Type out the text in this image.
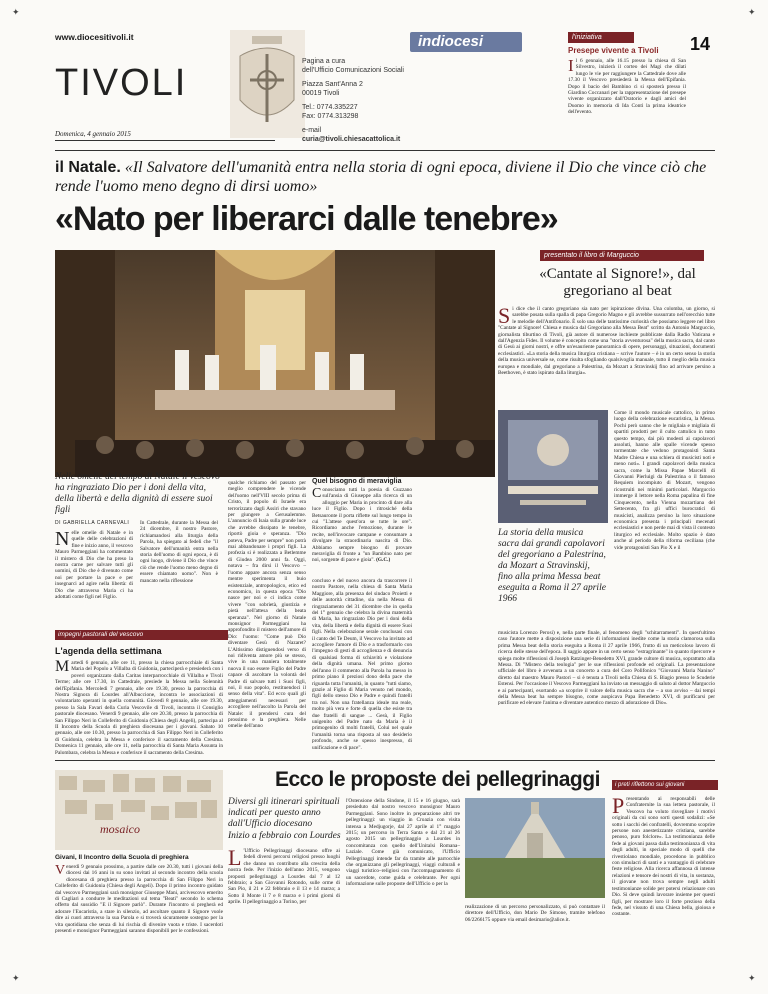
✦	✦
✦	✦
www.diocesitivoli.it
TIVOLI
Domenica, 4 gennaio 2015
Pagina a cura
dell'Ufficio Comunicazioni Sociali
Piazza Sant'Anna 2
00019 Tivoli
Tel.: 0774.335227
Fax: 0774.313298
e-mail
curia@tivoli.chiesacattolica.it
indiocesi	14
l'iniziativa
Presepe vivente a Tivoli
I l 6 gennaio, alle 16.15 presso la chiesa di San Silvestro, inizierà il corteo dei Magi che dilati lungo le vie per raggiungere la Cattedrale dove alle 17.30 il Vescovo presiederà la Messa dell'Epifania. Dopo il bacio del Bambino ci si sposterà presso il Giardino Coccanari per la rappresentazione del presepe vivente organizzato dall'Oratorio e dagli amici del Duomo in memoria di Ida Conti la prima ideatrice dell'evento.
il Natale. «Il Salvatore dell'umanità entra nella storia di ogni epoca, diviene il Dio che vince ciò che rende l'uomo meno degno di dirsi uomo»
«Nato per liberarci dalle tenebre»
Nelle omelie del tempo di Natale il vescovo ha ringraziato Dio per i doni della vita, della libertà e della dignità di essere suoi figli
DI GABRIELLA CARNEVALI
N elle omelie di Natale e in quelle delle celebrazioni di fine e inizio anno, il vescovo Mauro Parmeggiani ha commentato il mistero di Dio che ha preso la nostra carne per salvare tutti gli uomini, di Dio che è divenuto come noi per portare la pace e per insegnarci ad agire nella libertà: di Dio che attraverso Maria ci ha adottati come figli nel Figlio.
In Cattedrale, durante la Messa del 24 dicembre, il nostro Pastore, richiamandosi alla liturgia della Parola, ha spiegato ai fedeli che "il Salvatore dell'umanità entra nella storia dell'uomo di ogni epoca, è di ogni luogo, diviene il Dio che vince ciò che rende l'uomo meno degno di essere chiamato uomo". Non è mancato nella riflessione
qualche richiamo del passato per meglio comprendere le vicende dell'uomo nell'VIII secolo prima di Cristo, il popolo di Israele era terrorizzato dagli Assiri che stavano per giungere a Gerusalemme. L'annuncio di Isaia sulla grande luce che avrebbe dissipato le tenebre, riportò gioia e speranza. "Dio poteva, Padre per sempre" non potrà mai abbandonare i propri figli. La profezia si è realizzata a Betlemme di Giudea 2000 anni fa. Oggi, notava – fra dirsi il Vescovo – l'uomo appare ancora senza senso mentre sperimenta il buio esistenziale, antropologico, etico ed economico, in questa epoca "Dio nasce per noi e ci indica come vivere "con sobrietà, giustizia e pietà nell'attesa della beata speranza". Nel giorno di Natale monsignor Parmeggiani ha approfondito il mistero dell'amore di Dio: l'uomo: "Come può Dio diventare Gesù di Nazaret? L'Altissimo distiguendosi verso di noi ridiventa amore più se stesso, vive in una maniera totalmente nuova il suo essere Figlio del Padre capace di ascoltare la volontà del Padre di salvare tutti i Suoi figli, noi, il suo popolo, restituendoci il senso della vita". Ed ecco quali gli atteggiamenti necessari per accogliere nell'ascolto la Parola del Natale: il prendersi cura del prossimo e la preghiera. Nelle omelie dell'anno
Quel bisogno di meraviglia
C onosciamo tutti la poesia di Guzzano sull'ansia di Giuseppe alla ricerca di un alloggio per Maria in procinto di dare alla luce il Figlio. Dopo i ritrosiché della Betsauronte il porta riflette sul lungo tempo in cui "L'attese quest'ora se tutte le ore". Ricordiamo anche l'emozione, durante le recite, nell'invocare campane e consumare a divulgare la straordinaria nascita di Dio. Abbiamo sempre bisogno di provare meraviglia di fronte a "un Bambino nato per noi, sorgente di pace e gioia". (G.C.)
concluso e del nuovo ancora da trascorrere il nostro Pastore, nella chiesa di Santa Maria Maggiore, alla presenza del sindaco Proietti e delle autorità cittadine, sia nella Messa di ringraziamento del 31 dicembre che in quella del 1° gennaio che celebra la divina maternità di Maria, ha ringraziato Dio per i doni della vita, della libertà e della dignità di essere Suoi figli. Nella celebrazione serale conclusasi con il canto del Te Deum, il Vescovo ha invitato ad accogliere l'amore di Dio e a trasformarlo con l'impegno di gesti di accoglienza e di denuncia di qualsiasi forma di schiavitù e violazione della dignità umana. Nel primo giorno dell'anno il commento alla Parola ha messo in primo piano il preziosi dono della pace che riguarda tutta l'umanità, in quanto "tutti siamo, grazie al Figlio di Maria venuto nel mondo, figli dello stesso Dio e Padre e quindi fratelli tra noi. Non una fratellanza ideale ma reale, molto più vera e forte di quella che esiste tra due fratelli di sangue ... Gesù, il Figlio unigenito del Padre nato da Maria è il primogenito di molti fratelli, Colui nel quale l'umanità torna una risposta al suo desiderio profondo, anche se spesso inespresso, di unificazione e di pace".
impegni pastorali del vescovo
L'agenda della settimana
M artedì 6 gennaio, alle ore 11, presso la chiesa parrocchiale di Santa Maria del Popolo a Villalba di Guidonia, parteciperà e presiederà con i poveri organizzato dalla Caritas interparrocchiale di Villalba e Tivoli Terme; alle ore 17.30, in Cattedrale, presiede la Messa nella Solennità dell'Epifania. Mercoledì 7 gennaio, alle ore 19.30, presso la parrocchia di Nostra Signora di Lourdes all'Albuccione, incontra le associazioni di volontariato operanti in quella comunità. Giovedì 8 gennaio, alle ore 19.30, presso la Sala Favari della Curia Vescovile di Tivoli, incontra il Consiglio pastorale diocesano. Venerdì 9 gennaio, alle ore 20.30, presso la parrocchia di San Filippo Neri in Colleferito di Guidonia (Chiesa degli Angeli), partecipa al II Incontro della Scuola di preghiera diocesana per i giovani. Sabato 10 gennaio, alle ore 10.30, presso la parrocchia di San Filippo Neri in Colleferito di Guidonia, celebra la Messa e conferisce il sacramento della Cresima. Domenica 11 gennaio, alle ore 11, nella parrocchia di Santa Maria Assunta in Palombara, celebra la Messa e conferisce il sacramento della Cresima.
presentato il libro di Marguccio
«Cantate al Signore!», dal gregoriano al beat
S i dice che il canto gregoriano sia nato per ispirazione divina. Una colomba, un giorno, si sarebbe posata sulla spalla di papa Gregorio Magno e gli avrebbe sussurrato nell'orecchio tutte le melodie dell'Antifonario. È solo una delle tantissime curiosità che possiamo leggere nel libro "Cantate al Signore! Chiesa e musica dal Gregoriano alla Messa Beat" scritto da Antonio Marguccio, giornalista tiburtino di Tivoli, già autore di numerose inchieste pubblicate dalla Radio Vaticana e dall'Agenzia Fides. Il volume è concepito come una "storia avventurosa" della musica sacra, dal canto di Gesù ai giorni nostri, e offre un'esauriente panoramica di opere, personaggi, situazioni, documenti ecclesiastici. «La storia della musica liturgica cristiana – scrive l'autore – è in un certo senso la storia della musica universale se, come risulta sfogliando qualsivoglia manuale, tutto il meglio della musica europea e mondiale, dal gregoriano a Palestrina, da Mozart a Stravinskij fino ad arrivare persino a Beethoven, è stato ispirato dalla liturgia».
La storia della musica sacra dai grandi capolavori del gregoriano a Palestrina, da Mozart a Stravinskij, fino alla prima Messa beat eseguita a Roma il 27 aprile 1966
Come il mondo musicale cattolico, in primo luogo della celebrazione eucaristica, la Messa. Pochi però sanno che le migliaia e migliaia di spartiti prodotti per il culto cattolico in tutto questo tempo, dai più modesti ai capolavori assoluti, hanno alle spalle vicende spesso tormentate che vedono protagonisti Santa Madre Chiesa e una schiera di musicisti noti e meno noti». I grandi capolavori della musica sacra, come la Missa Papae Marcelli di Giovanni Pierluigi da Palestrina o il famoso Requiem incompiuto di Mozart, vengono ricostruiti nei minimi particolari. Marguccio immerge il lettore nella Roma papalina di fine Cinquecento, nella Vienna mozartiana del Settecento, fra gli uffici burocratici di musicisti, analizza persino la loro situazione economica presenta i principali mecenati ecclesiastici e non perde mai di vista il contesto liturgico ed ecclesiale. Molto spazio è dato anche al periodo della riforma ceciliana (che vide protagonisti San Pio X e il
musicista Lorenzo Perosi) e, nella parte finale, al fenomeno degli "schitarramenti". In quest'ultimo caso l'autore mette a disposizione una serie di informazioni inedite come la storia clamorosa sulla prima Messa beat della storia eseguita a Roma il 27 aprile 1966, frutto di un meticoloso lavoro di ricerca delle stesse dell'epoca. Il saggio appare in un certo senso "estragrinante" in quanto ripercorre e spiega molte riflessioni di Joseph Ratzinger-Benedetto XVI, grande cultore di musica, soprattutto alla Messa. Di "Mistero della teologia" per le sue riflessioni profonde ed originali. La presentazione ufficiale del libro è avvenuta a un concerto a cura del Coro Polifonico "Giovanni Maria Nanino" diretto dal maestro Mauro Pastori – si è tenuta a Tivoli nella Chiesa di S. Biagio presso le Scuderie Estensi. Per l'occasione il Vescovo Parmeggiani ha inviato un messaggio di saluto al dottor Marguccio e ai partecipanti, esortando «a scoprire il valore della musica sacra che – a suo avviso – dai tempi della Messa beat ha sempre bisogno, come auspicava Papa Benedetto XVI, di purificarsi per purificare ed elevare l'anima e diventare autentico mezzo di adorazione di Dio».
Ecco le proposte dei pellegrinaggi
Diversi gli itinerari spirituali indicati per questo anno dall'Ufficio diocesano
Inizio a febbraio con Lourdes
L 'Ufficio Pellegrinaggi diocesano offre ai fedeli diversi percorsi religiosi presso luoghi che danno un contributo alla crescita della nostra fede. Per l'inizio dell'anno 2015, vengono proposti pellegrinaggi a Lourdes dal 7 al 12 febbraio; a San Giovanni Rotondo, sulle orme di San Pio, il 21 e 22 febbraio e il 13 e 14 marzo; a Sotto il Monte il 7 e 8 marzo e i primi giorni di aprile. Il pellegrinaggio a Torino, per
l'Ostensione della Sindone, il 15 e 16 giugno, sarà presieduto dal nostro vescovo monsignor Mauro Parmeggiani. Sono inoltre in preparazione altri tre pellegrinaggi: un viaggio in Croazia con visita intensa a Medjugorje, dal 27 aprile al 1° maggio 2015; un percorso in Terra Santa e dal 21 al 26 agosto 2015 un pellegrinaggio a Lourdes in concomitanza con quello dell'Unitalsi Romana–Laziale. Come già comunicato, l'Ufficio Pellegrinaggi intende far da tramite alle parrocchie che organizzano gli pellegrinaggi, viaggi culturali e viaggi turistico–religiosi con l'accompagnamento di un sacerdote, come guida e celebrante. Per ogni informazione sulle proposte dell'Ufficio o per la
realizzazione di un percorso personalizzato, si può contattare il direttore dell'Ufficio, don Mario De Simone, tramite telefono 06/2266175 oppure via email desimario@alice.it.
mosaico
Givani, Il Incontro della Scuola di preghiera
V enerdì 9 gennaio prossimo, a partire dalle ore 20.30, tutti i giovani della diocesi dai 16 anni in su sono invitati al secondo incontro della scuola diocesana di preghiera presso la parrocchia di San Filippo Neri in Colleferito di Guidonia (Chiesa degli Angeli). Dopo il primo incontro guidato dal vescovo Parmeggiani sarà monsignor Giuseppe Mani, arcivescovo emerito di Cagliari a condurre le meditazioni sul tema "Beati" secondo lo schema offerto dal sussidio "E il Signore parlò". Durante l'incontro si pregherà ed adorare l'Eucaristia, a stare in silenzio, ad ascoltare quanto il Signore vuole dire ai cuori attraverso la sua Parola e si troverà sicuramente sostegno per la vita quotidiana che senza di lui rischia di divenire vuota e triste. I sacerdoti presenti e monsignor Parmeggiani saranno disponibili per le confessioni.
i preti riflettono sui giovani
P resentando ai responsabili delle Confraternite la sua lettera pastorale, il Vescovo ha voluto risvegliare i motivi originali da cui sono sorti questi sodalizi: «Se sotto i sacchi dei confratelli, dovremmo scoprire persone non anestetizzante cristiana, sarebbe penoso, puro folclore». La testimonianza delle fede ai giovani passa dalla testimonianza di vita degli adulti, in speciale modo di quelli che rivestiolano mondiale, procedono in pubblico con simulacri di santi e a vantaggio di celebrare feste religiose. Alla ricerca affannosa di intense relazioni e tensore dei nostri di vita, in sostanza, il giovane non trova sempre negli adulti testimonianze solide per potersi relazionare con Dio. Si deve quindi lavorare insieme per questi figli, per mostrare loro il forte prezioso della fede, nel vissuto di una Chiesa bella, gioiosa e costante.
